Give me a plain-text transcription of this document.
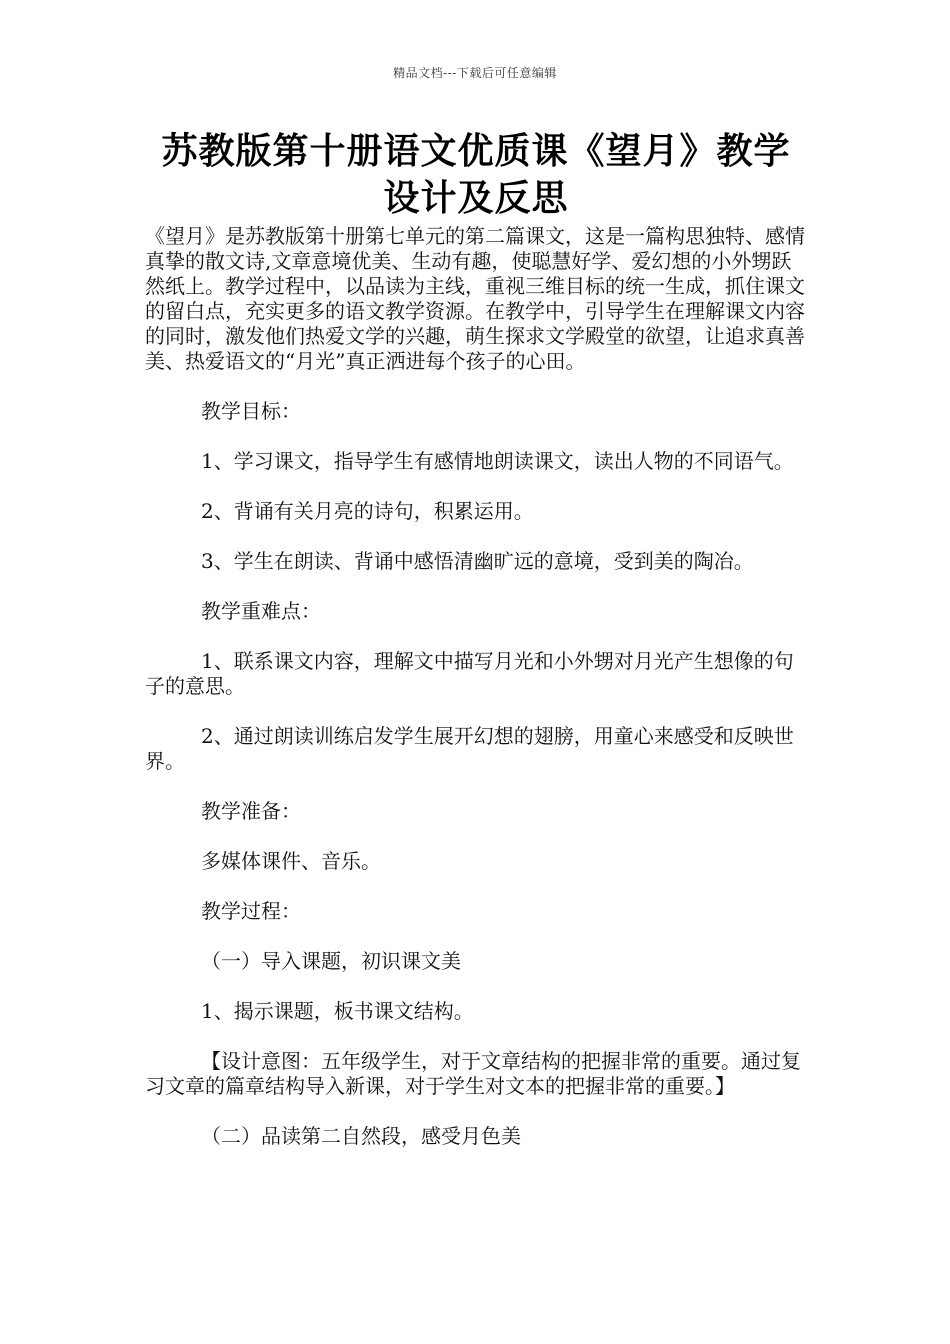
精品文档---下载后可任意编辑
苏教版第十册语文优质课《望月》教学设计及反思

《望月》是苏教版第十册第七单元的第二篇课文，这是一篇构思独特、感情真挚的散文诗,文章意境优美、生动有趣，使聪慧好学、爱幻想的小外甥跃然纸上。教学过程中，以品读为主线，重视三维目标的统一生成，抓住课文的留白点，充实更多的语文教学资源。在教学中，引导学生在理解课文内容的同时，激发他们热爱文学的兴趣，萌生探求文学殿堂的欲望，让追求真善美、热爱语文的“月光”真正洒进每个孩子的心田。

教学目标：

1、学习课文，指导学生有感情地朗读课文，读出人物的不同语气。

2、背诵有关月亮的诗句，积累运用。

3、学生在朗读、背诵中感悟清幽旷远的意境，受到美的陶冶。

教学重难点：

1、联系课文内容，理解文中描写月光和小外甥对月光产生想像的句子的意思。

2、通过朗读训练启发学生展开幻想的翅膀，用童心来感受和反映世界。

教学准备：

多媒体课件、音乐。

教学过程：

（一）导入课题，初识课文美

1、揭示课题，板书课文结构。

【设计意图：五年级学生，对于文章结构的把握非常的重要。通过复习文章的篇章结构导入新课，对于学生对文本的把握非常的重要。】

（二）品读第二自然段，感受月色美
